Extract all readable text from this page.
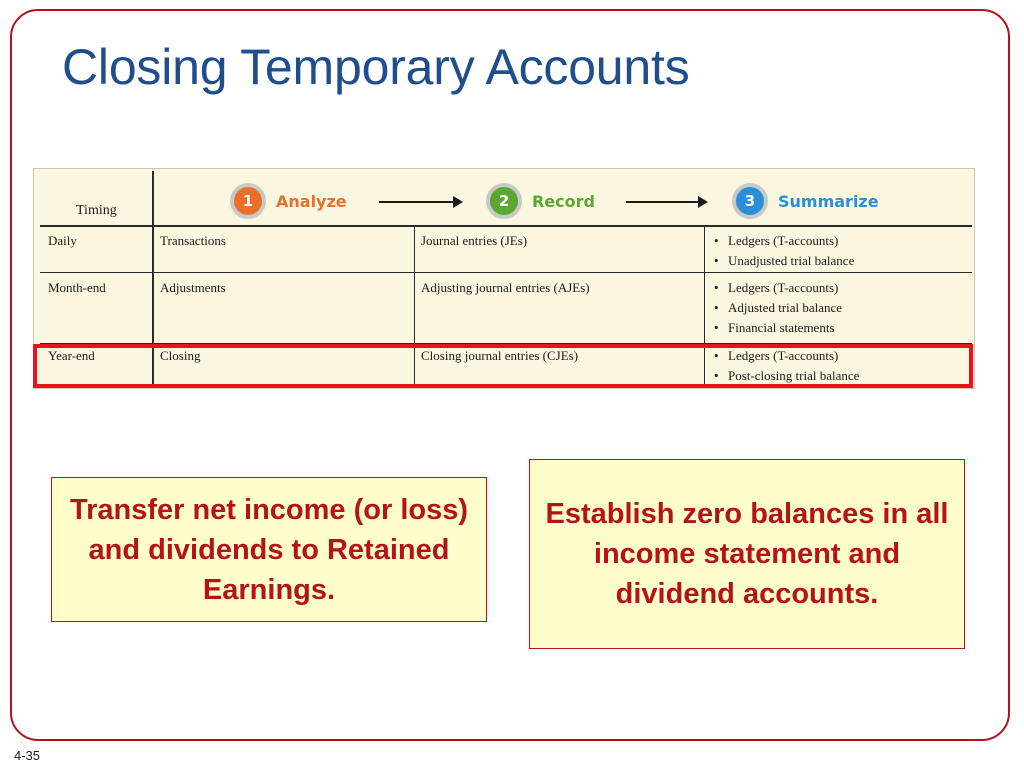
Closing Temporary Accounts
Timing
1	Analyze	2	Record	3	Summarize
Daily	Transactions	Journal entries (JEs)	• Ledgers (T-accounts)
• Unadjusted trial balance
Month-end	Adjustments	Adjusting journal entries (AJEs)	• Ledgers (T-accounts)
• Adjusted trial balance
• Financial statements
Year-end	Closing	Closing journal entries (CJEs)	• Ledgers (T-accounts)
• Post-closing trial balance
Transfer net income (or loss) and dividends to Retained Earnings.
Establish zero balances in all income statement and dividend accounts.
4-35
